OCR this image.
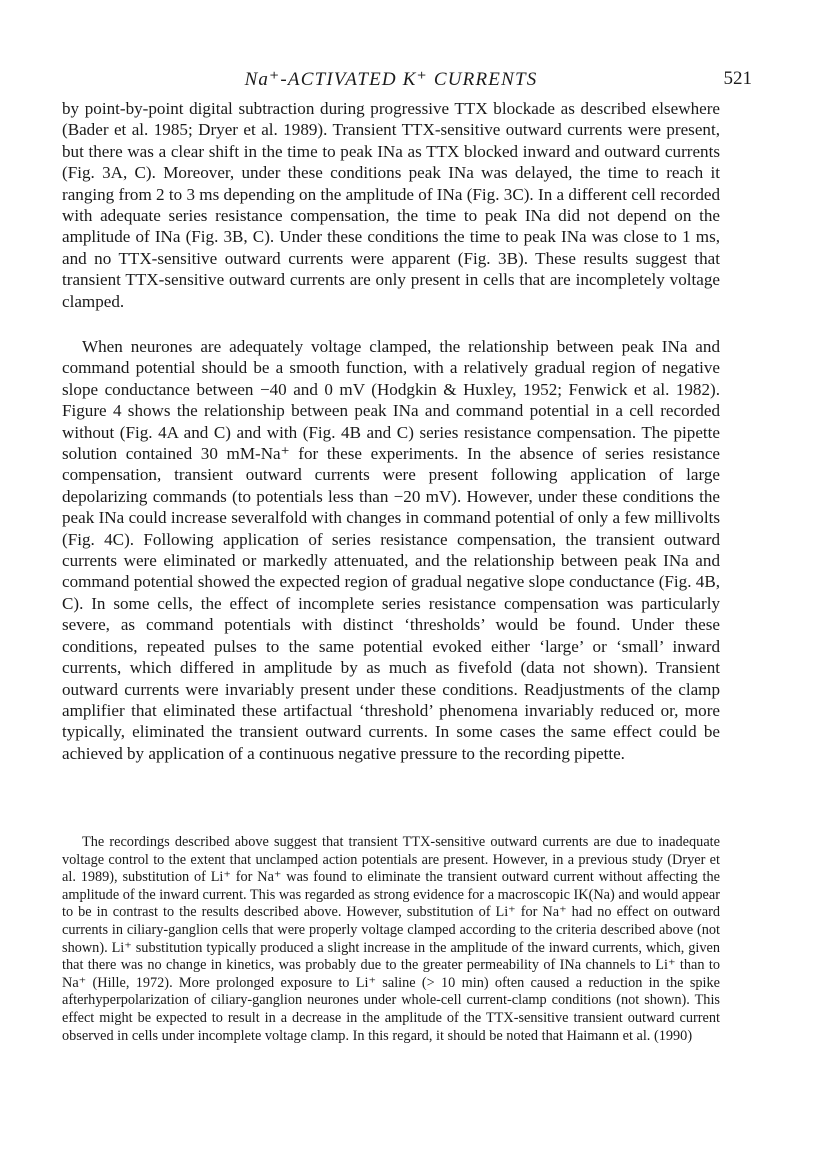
Na⁺-ACTIVATED K⁺ CURRENTS	521

by point-by-point digital subtraction during progressive TTX blockade as described elsewhere (Bader et al. 1985; Dryer et al. 1989). Transient TTX-sensitive outward currents were present, but there was a clear shift in the time to peak INa as TTX blocked inward and outward currents (Fig. 3A, C). Moreover, under these conditions peak INa was delayed, the time to reach it ranging from 2 to 3 ms depending on the amplitude of INa (Fig. 3C). In a different cell recorded with adequate series resistance compensation, the time to peak INa did not depend on the amplitude of INa (Fig. 3B, C). Under these conditions the time to peak INa was close to 1 ms, and no TTX-sensitive outward currents were apparent (Fig. 3B). These results suggest that transient TTX-sensitive outward currents are only present in cells that are incompletely voltage clamped.

When neurones are adequately voltage clamped, the relationship between peak INa and command potential should be a smooth function, with a relatively gradual region of negative slope conductance between −40 and 0 mV (Hodgkin & Huxley, 1952; Fenwick et al. 1982). Figure 4 shows the relationship between peak INa and command potential in a cell recorded without (Fig. 4A and C) and with (Fig. 4B and C) series resistance compensation. The pipette solution contained 30 mM-Na⁺ for these experiments. In the absence of series resistance compensation, transient outward currents were present following application of large depolarizing commands (to potentials less than −20 mV). However, under these conditions the peak INa could increase severalfold with changes in command potential of only a few millivolts (Fig. 4C). Following application of series resistance compensation, the transient outward currents were eliminated or markedly attenuated, and the relationship between peak INa and command potential showed the expected region of gradual negative slope conductance (Fig. 4B, C). In some cells, the effect of incomplete series resistance compensation was particularly severe, as command potentials with distinct ‘thresholds’ would be found. Under these conditions, repeated pulses to the same potential evoked either ‘large’ or ‘small’ inward currents, which differed in amplitude by as much as fivefold (data not shown). Transient outward currents were invariably present under these conditions. Readjustments of the clamp amplifier that eliminated these artifactual ‘threshold’ phenomena invariably reduced or, more typically, eliminated the transient outward currents. In some cases the same effect could be achieved by application of a continuous negative pressure to the recording pipette.

The recordings described above suggest that transient TTX-sensitive outward currents are due to inadequate voltage control to the extent that unclamped action potentials are present. However, in a previous study (Dryer et al. 1989), substitution of Li⁺ for Na⁺ was found to eliminate the transient outward current without affecting the amplitude of the inward current. This was regarded as strong evidence for a macroscopic IK(Na) and would appear to be in contrast to the results described above. However, substitution of Li⁺ for Na⁺ had no effect on outward currents in ciliary-ganglion cells that were properly voltage clamped according to the criteria described above (not shown). Li⁺ substitution typically produced a slight increase in the amplitude of the inward currents, which, given that there was no change in kinetics, was probably due to the greater permeability of INa channels to Li⁺ than to Na⁺ (Hille, 1972). More prolonged exposure to Li⁺ saline (> 10 min) often caused a reduction in the spike afterhyperpolarization of ciliary-ganglion neurones under whole-cell current-clamp conditions (not shown). This effect might be expected to result in a decrease in the amplitude of the TTX-sensitive transient outward current observed in cells under incomplete voltage clamp. In this regard, it should be noted that Haimann et al. (1990)
